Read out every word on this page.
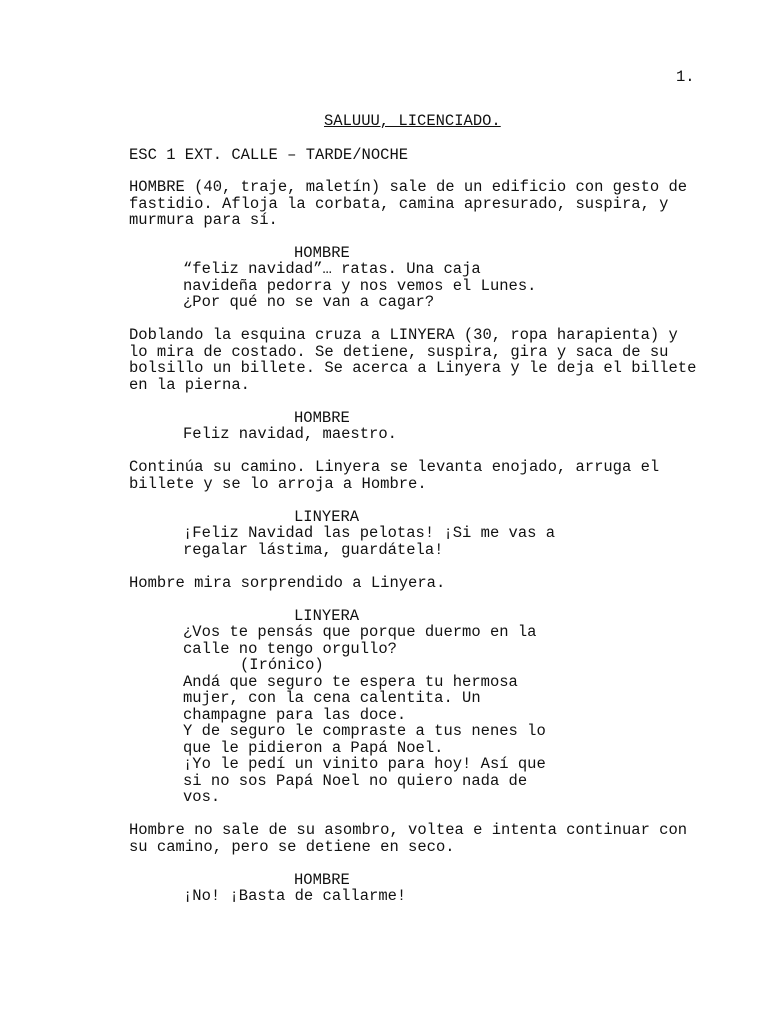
1.
SALUUU, LICENCIADO.
ESC 1 EXT. CALLE – TARDE/NOCHE
HOMBRE (40, traje, maletín) sale de un edificio con gesto de
fastidio. Afloja la corbata, camina apresurado, suspira, y
murmura para sí.
HOMBRE
“feliz navidad”… ratas. Una caja
navideña pedorra y nos vemos el Lunes.
¿Por qué no se van a cagar?
Doblando la esquina cruza a LINYERA (30, ropa harapienta) y
lo mira de costado. Se detiene, suspira, gira y saca de su
bolsillo un billete. Se acerca a Linyera y le deja el billete
en la pierna.
HOMBRE
Feliz navidad, maestro.
Continúa su camino. Linyera se levanta enojado, arruga el
billete y se lo arroja a Hombre.
LINYERA
¡Feliz Navidad las pelotas! ¡Si me vas a
regalar lástima, guardátela!
Hombre mira sorprendido a Linyera.
LINYERA
¿Vos te pensás que porque duermo en la
calle no tengo orgullo?
(Irónico)
Andá que seguro te espera tu hermosa
mujer, con la cena calentita. Un
champagne para las doce.
Y de seguro le compraste a tus nenes lo
que le pidieron a Papá Noel.
¡Yo le pedí un vinito para hoy! Así que
si no sos Papá Noel no quiero nada de
vos.
Hombre no sale de su asombro, voltea e intenta continuar con
su camino, pero se detiene en seco.
HOMBRE
¡No! ¡Basta de callarme!
